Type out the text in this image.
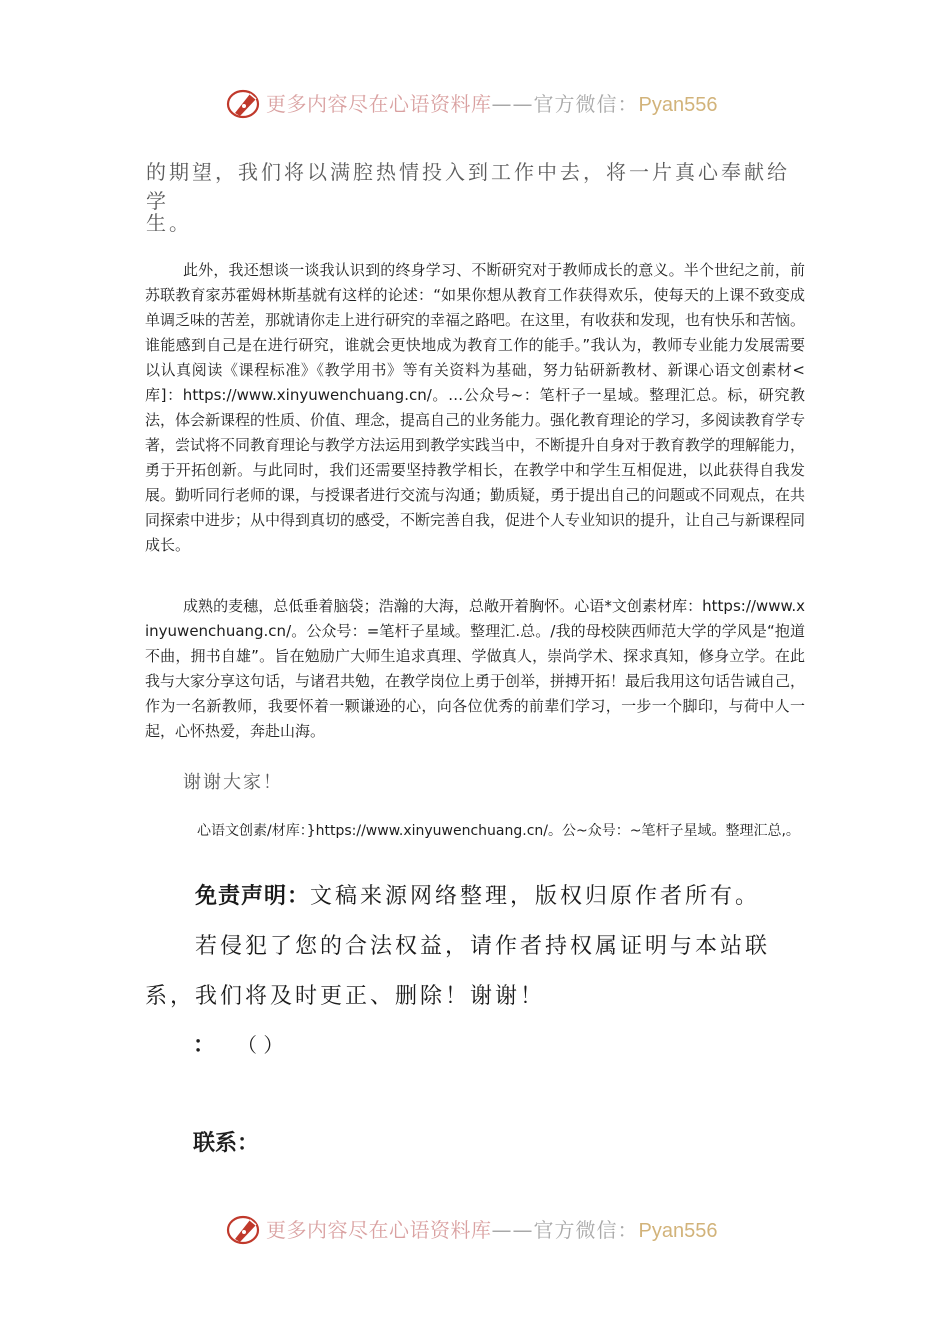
更多内容尽在心语资料库——官方微信：Pyan556

的期望，我们将以满腔热情投入到工作中去，将一片真心奉献给学

生。

此外，我还想谈一谈我认识到的终身学习、不断研究对于教师成长的意义。半个世纪之前，前苏联教育家苏霍姆林斯基就有这样的论述：“如果你想从教育工作获得欢乐，使每天的上课不致变成单调乏味的苦差，那就请你走上进行研究的幸福之路吧。在这里，有收获和发现，也有快乐和苦恼。谁能感到自己是在进行研究，谁就会更快地成为教育工作的能手。”我认为，教师专业能力发展需要以认真阅读《课程标准》《教学用书》等有关资料为基础，努力钻研新教材、新课心语文创素材<库]：https://www.xinyuwenchuang.cn/。…公众号~：笔杆子一星域。整理汇总。标，研究教法，体会新课程的性质、价值、理念，提高自己的业务能力。强化教育理论的学习，多阅读教育学专著，尝试将不同教育理论与教学方法运用到教学实践当中，不断提升自身对于教育教学的理解能力，勇于开拓创新。与此同时，我们还需要坚持教学相长，在教学中和学生互相促进，以此获得自我发展。勤听同行老师的课，与授课者进行交流与沟通；勤质疑，勇于提出自己的问题或不同观点，在共同探索中进步；从中得到真切的感受，不断完善自我，促进个人专业知识的提升，让自己与新课程同成长。

成熟的麦穗，总低垂着脑袋；浩瀚的大海，总敞开着胸怀。心语*文创素材库：https://www.xinyuwenchuang.cn/。公众号：=笔杆子星域。整理汇.总。/我的母校陕西师范大学的学风是“抱道不曲，拥书自雄”。旨在勉励广大师生追求真理、学做真人，崇尚学术、探求真知，修身立学。在此我与大家分享这句话，与诸君共勉，在教学岗位上勇于创举，拼搏开拓！最后我用这句话告诫自己，作为一名新教师，我要怀着一颗谦逊的心，向各位优秀的前辈们学习，一步一个脚印，与荷中人一起，心怀热爱，奔赴山海。

谢谢大家！

心语文创素/材库：}https://www.xinyuwenchuang.cn/。公~众号：~笔杆子星域。整理汇总,。

免责声明：文稿来源网络整理，版权归原作者所有。
若侵犯了您的合法权益，请作者持权属证明与本站联系，我们将及时更正、删除！谢谢！

： （ ）

联系：

更多内容尽在心语资料库——官方微信：Pyan556
